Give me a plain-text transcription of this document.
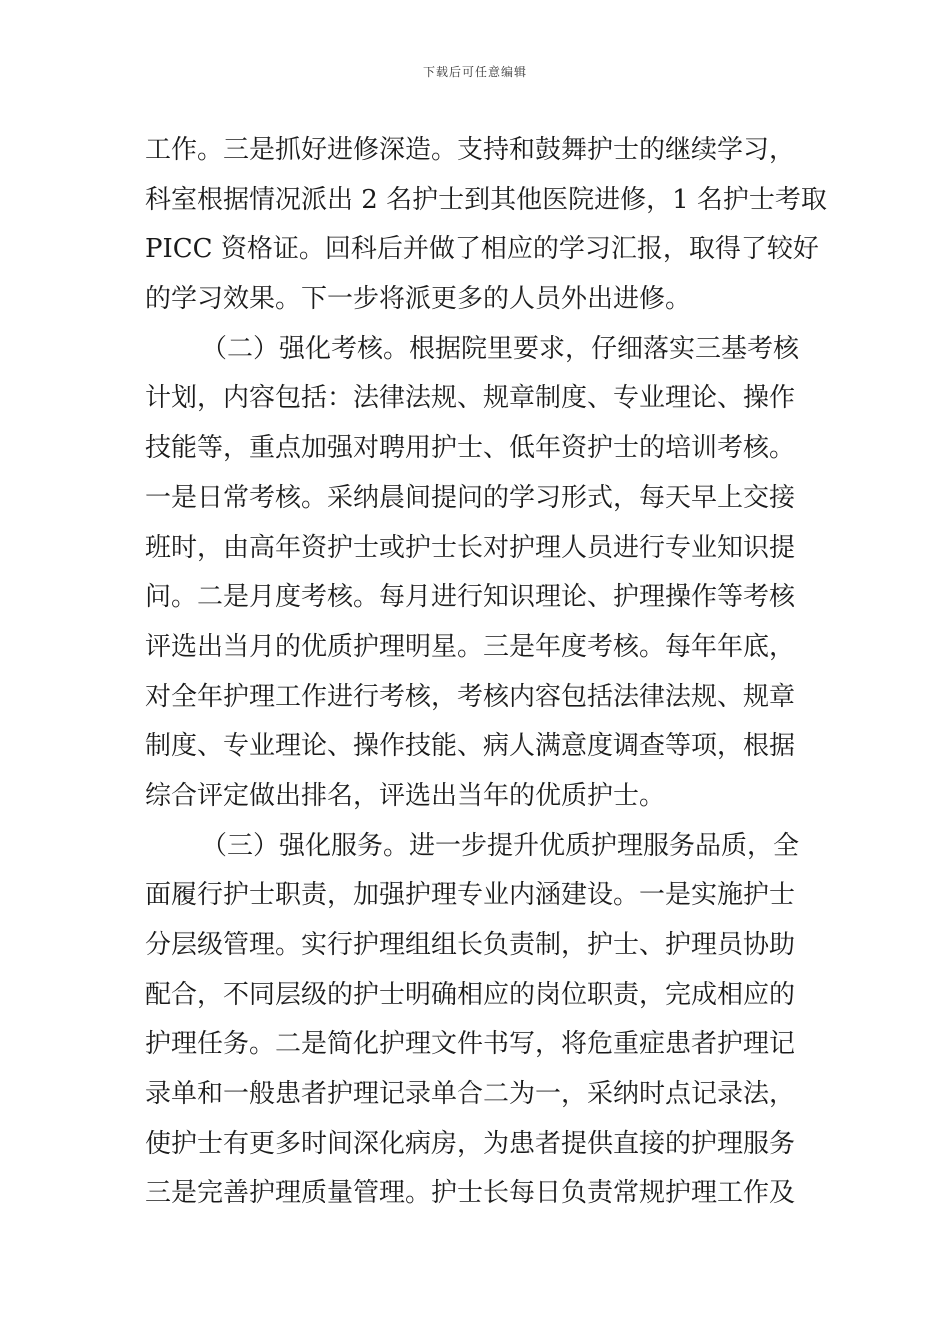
下载后可任意编辑
工作。三是抓好进修深造。支持和鼓舞护士的继续学习，
科室根据情况派出 2 名护士到其他医院进修，1 名护士考取
PICC 资格证。回科后并做了相应的学习汇报，取得了较好
的学习效果。下一步将派更多的人员外出进修。
（二）强化考核。根据院里要求，仔细落实三基考核
计划，内容包括：法律法规、规章制度、专业理论、操作
技能等，重点加强对聘用护士、低年资护士的培训考核。
一是日常考核。采纳晨间提问的学习形式，每天早上交接
班时，由高年资护士或护士长对护理人员进行专业知识提
问。二是月度考核。每月进行知识理论、护理操作等考核
评选出当月的优质护理明星。三是年度考核。每年年底，
对全年护理工作进行考核，考核内容包括法律法规、规章
制度、专业理论、操作技能、病人满意度调查等项，根据
综合评定做出排名，评选出当年的优质护士。
（三）强化服务。进一步提升优质护理服务品质，全
面履行护士职责，加强护理专业内涵建设。一是实施护士
分层级管理。实行护理组组长负责制，护士、护理员协助
配合，不同层级的护士明确相应的岗位职责，完成相应的
护理任务。二是简化护理文件书写，将危重症患者护理记
录单和一般患者护理记录单合二为一，采纳时点记录法，
使护士有更多时间深化病房，为患者提供直接的护理服务
三是完善护理质量管理。护士长每日负责常规护理工作及
